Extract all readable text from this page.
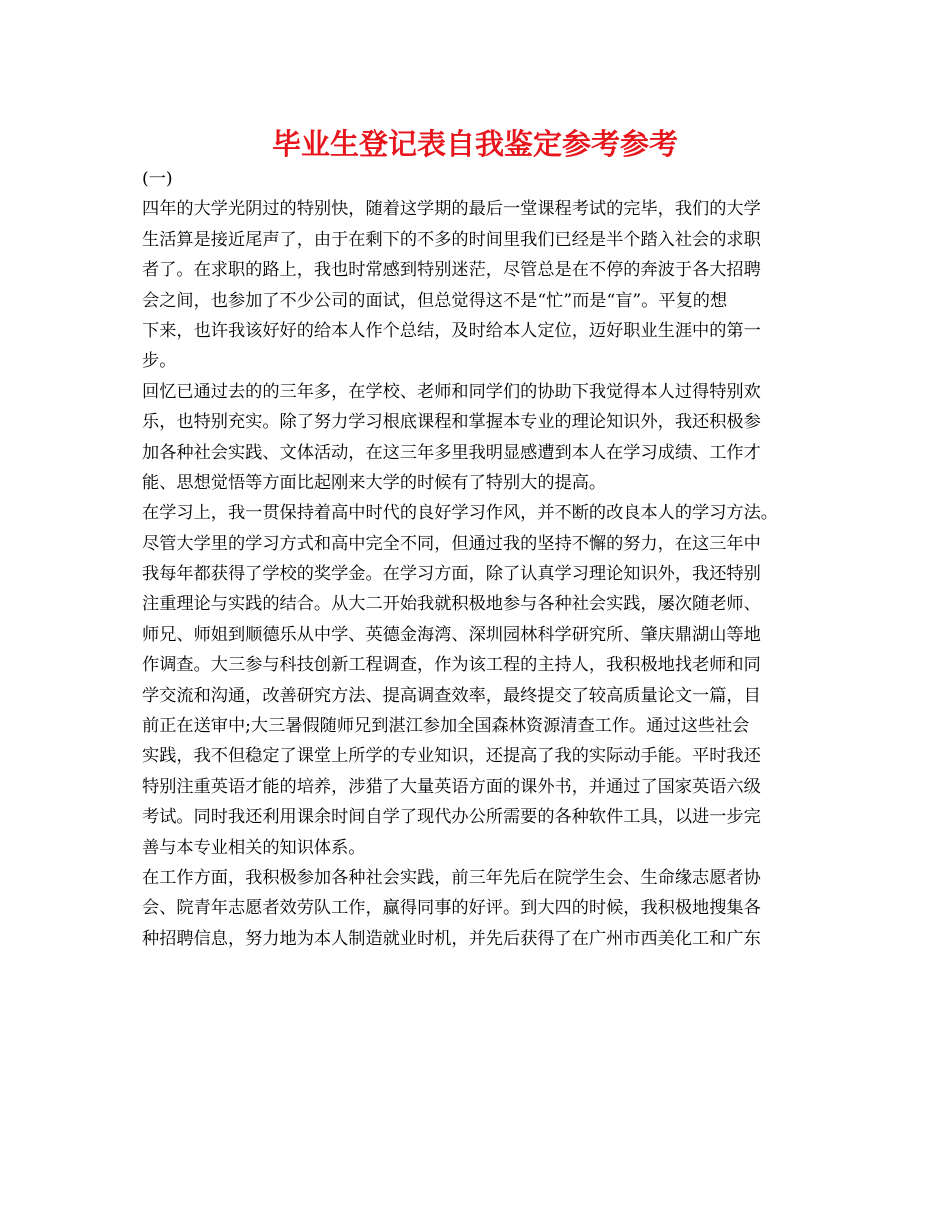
毕业生登记表自我鉴定参考参考

(一)

四年的大学光阴过的特别快，随着这学期的最后一堂课程考试的完毕，我们的大学

生活算是接近尾声了，由于在剩下的不多的时间里我们已经是半个踏入社会的求职

者了。在求职的路上，我也时常感到特别迷茫，尽管总是在不停的奔波于各大招聘

会之间，也参加了不少公司的面试，但总觉得这不是“忙”而是“盲”。平复的想

下来，也许我该好好的给本人作个总结，及时给本人定位，迈好职业生涯中的第一

步。

回忆已通过去的的三年多，在学校、老师和同学们的协助下我觉得本人过得特别欢

乐，也特别充实。除了努力学习根底课程和掌握本专业的理论知识外，我还积极参

加各种社会实践、文体活动，在这三年多里我明显感遭到本人在学习成绩、工作才

能、思想觉悟等方面比起刚来大学的时候有了特别大的提高。

在学习上，我一贯保持着高中时代的良好学习作风，并不断的改良本人的学习方法。

尽管大学里的学习方式和高中完全不同，但通过我的坚持不懈的努力，在这三年中

我每年都获得了学校的奖学金。在学习方面，除了认真学习理论知识外，我还特别

注重理论与实践的结合。从大二开始我就积极地参与各种社会实践，屡次随老师、

师兄、师姐到顺德乐从中学、英德金海湾、深圳园林科学研究所、肇庆鼎湖山等地

作调查。大三参与科技创新工程调查，作为该工程的主持人，我积极地找老师和同

学交流和沟通，改善研究方法、提高调查效率，最终提交了较高质量论文一篇，目

前正在送审中;大三暑假随师兄到湛江参加全国森林资源清查工作。通过这些社会

实践，我不但稳定了课堂上所学的专业知识，还提高了我的实际动手能。平时我还

特别注重英语才能的培养，涉猎了大量英语方面的课外书，并通过了国家英语六级

考试。同时我还利用课余时间自学了现代办公所需要的各种软件工具，以进一步完

善与本专业相关的知识体系。

在工作方面，我积极参加各种社会实践，前三年先后在院学生会、生命缘志愿者协

会、院青年志愿者效劳队工作，赢得同事的好评。到大四的时候，我积极地搜集各

种招聘信息，努力地为本人制造就业时机，并先后获得了在广州市西美化工和广东
